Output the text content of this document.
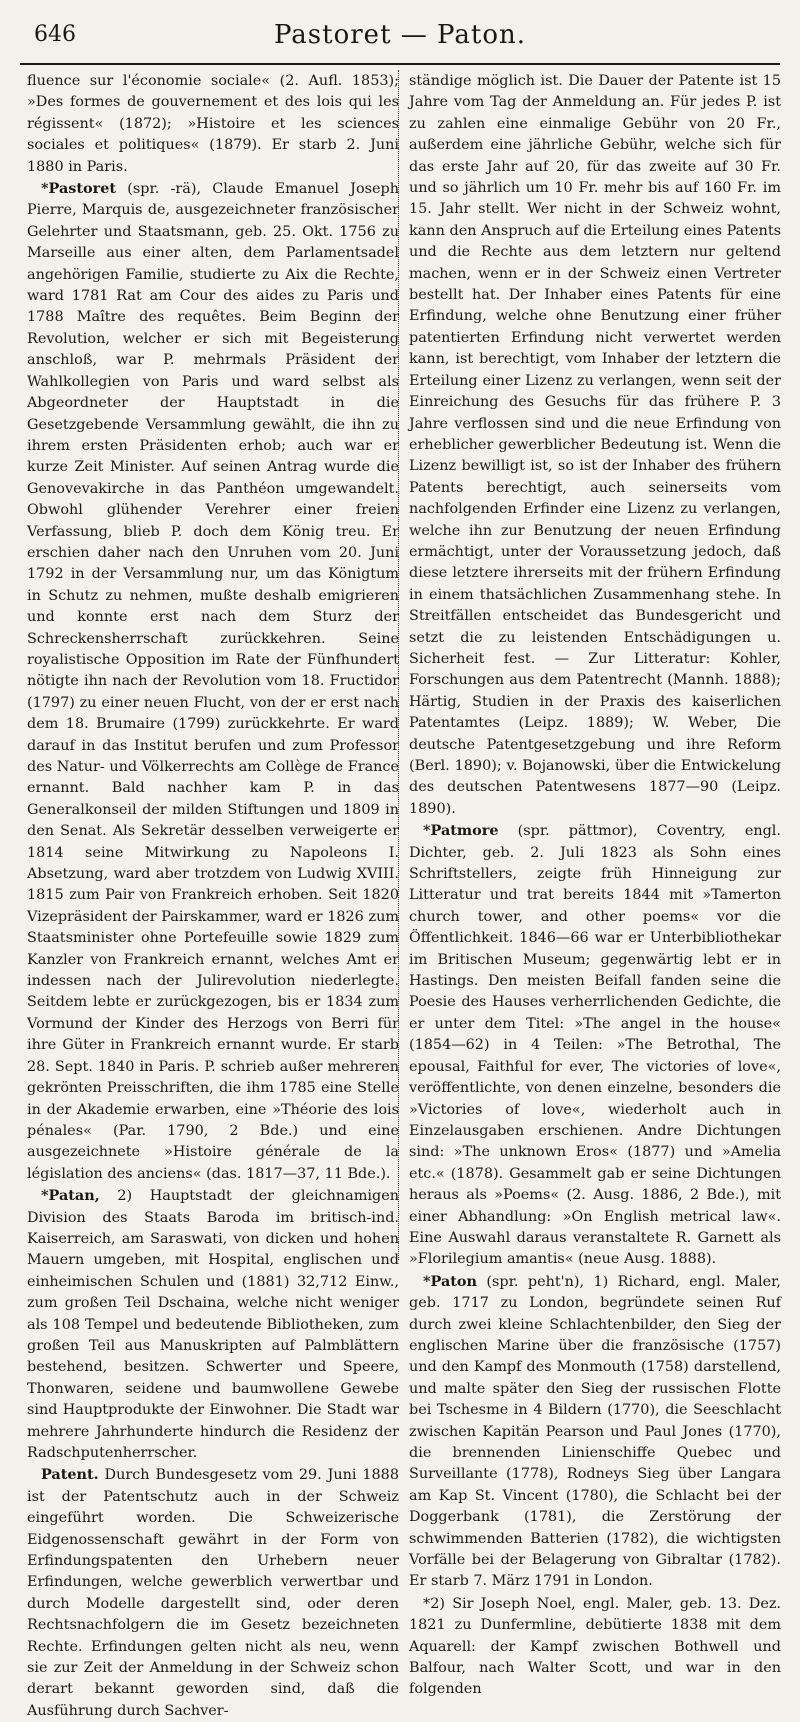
646	Pastoret — Paton.

fluence sur l'économie sociale« (2. Aufl. 1853); »Des formes de gouvernement et des lois qui les régissent« (1872); »Histoire et les sciences sociales et politiques« (1879). Er starb 2. Juni 1880 in Paris.

*Pastoret (spr. -rä), Claude Emanuel Joseph Pierre, Marquis de, ausgezeichneter französischer Gelehrter und Staatsmann, geb. 25. Okt. 1756 zu Marseille aus einer alten, dem Parlamentsadel angehörigen Familie, studierte zu Aix die Rechte, ward 1781 Rat am Cour des aides zu Paris und 1788 Maître des requêtes. Beim Beginn der Revolution, welcher er sich mit Begeisterung anschloß, war P. mehrmals Präsident der Wahlkollegien von Paris und ward selbst als Abgeordneter der Hauptstadt in die Gesetzgebende Versammlung gewählt, die ihn zu ihrem ersten Präsidenten erhob; auch war er kurze Zeit Minister. Auf seinen Antrag wurde die Genovevakirche in das Panthéon umgewandelt. Obwohl glühender Verehrer einer freien Verfassung, blieb P. doch dem König treu. Er erschien daher nach den Unruhen vom 20. Juni 1792 in der Versammlung nur, um das Königtum in Schutz zu nehmen, mußte deshalb emigrieren und konnte erst nach dem Sturz der Schreckensherrschaft zurückkehren. Seine royalistische Opposition im Rate der Fünfhundert nötigte ihn nach der Revolution vom 18. Fructidor (1797) zu einer neuen Flucht, von der er erst nach dem 18. Brumaire (1799) zurückkehrte. Er ward darauf in das Institut berufen und zum Professor des Natur- und Völkerrechts am Collège de France ernannt. Bald nachher kam P. in das Generalkonseil der milden Stiftungen und 1809 in den Senat. Als Sekretär desselben verweigerte er 1814 seine Mitwirkung zu Napoleons I. Absetzung, ward aber trotzdem von Ludwig XVIII. 1815 zum Pair von Frankreich erhoben. Seit 1820 Vizepräsident der Pairskammer, ward er 1826 zum Staatsminister ohne Portefeuille sowie 1829 zum Kanzler von Frankreich ernannt, welches Amt er indessen nach der Julirevolution niederlegte. Seitdem lebte er zurückgezogen, bis er 1834 zum Vormund der Kinder des Herzogs von Berri für ihre Güter in Frankreich ernannt wurde. Er starb 28. Sept. 1840 in Paris. P. schrieb außer mehreren gekrönten Preisschriften, die ihm 1785 eine Stelle in der Akademie erwarben, eine »Théorie des lois pénales« (Par. 1790, 2 Bde.) und eine ausgezeichnete »Histoire générale de la législation des anciens« (das. 1817—37, 11 Bde.).

*Patan, 2) Hauptstadt der gleichnamigen Division des Staats Baroda im britisch-ind. Kaiserreich, am Saraswati, von dicken und hohen Mauern umgeben, mit Hospital, englischen und einheimischen Schulen und (1881) 32,712 Einw., zum großen Teil Dschaina, welche nicht weniger als 108 Tempel und bedeutende Bibliotheken, zum großen Teil aus Manuskripten auf Palmblättern bestehend, besitzen. Schwerter und Speere, Thonwaren, seidene und baumwollene Gewebe sind Hauptprodukte der Einwohner. Die Stadt war mehrere Jahrhunderte hindurch die Residenz der Radschputenherrscher.

Patent. Durch Bundesgesetz vom 29. Juni 1888 ist der Patentschutz auch in der Schweiz eingeführt worden. Die Schweizerische Eidgenossenschaft gewährt in der Form von Erfindungspatenten den Urhebern neuer Erfindungen, welche gewerblich verwertbar und durch Modelle dargestellt sind, oder deren Rechtsnachfolgern die im Gesetz bezeichneten Rechte. Erfindungen gelten nicht als neu, wenn sie zur Zeit der Anmeldung in der Schweiz schon derart bekannt geworden sind, daß die Ausführung durch Sachver-

ständige möglich ist. Die Dauer der Patente ist 15 Jahre vom Tag der Anmeldung an. Für jedes P. ist zu zahlen eine einmalige Gebühr von 20 Fr., außerdem eine jährliche Gebühr, welche sich für das erste Jahr auf 20, für das zweite auf 30 Fr. und so jährlich um 10 Fr. mehr bis auf 160 Fr. im 15. Jahr stellt. Wer nicht in der Schweiz wohnt, kann den Anspruch auf die Erteilung eines Patents und die Rechte aus dem letztern nur geltend machen, wenn er in der Schweiz einen Vertreter bestellt hat. Der Inhaber eines Patents für eine Erfindung, welche ohne Benutzung einer früher patentierten Erfindung nicht verwertet werden kann, ist berechtigt, vom Inhaber der letztern die Erteilung einer Lizenz zu verlangen, wenn seit der Einreichung des Gesuchs für das frühere P. 3 Jahre verflossen sind und die neue Erfindung von erheblicher gewerblicher Bedeutung ist. Wenn die Lizenz bewilligt ist, so ist der Inhaber des frühern Patents berechtigt, auch seinerseits vom nachfolgenden Erfinder eine Lizenz zu verlangen, welche ihn zur Benutzung der neuen Erfindung ermächtigt, unter der Voraussetzung jedoch, daß diese letztere ihrerseits mit der frühern Erfindung in einem thatsächlichen Zusammenhang stehe. In Streitfällen entscheidet das Bundesgericht und setzt die zu leistenden Entschädigungen u. Sicherheit fest. — Zur Litteratur: Kohler, Forschungen aus dem Patentrecht (Mannh. 1888); Härtig, Studien in der Praxis des kaiserlichen Patentamtes (Leipz. 1889); W. Weber, Die deutsche Patentgesetzgebung und ihre Reform (Berl. 1890); v. Bojanowski, über die Entwickelung des deutschen Patentwesens 1877—90 (Leipz. 1890).

*Patmore (spr. pättmor), Coventry, engl. Dichter, geb. 2. Juli 1823 als Sohn eines Schriftstellers, zeigte früh Hinneigung zur Litteratur und trat bereits 1844 mit »Tamerton church tower, and other poems« vor die Öffentlichkeit. 1846—66 war er Unterbibliothekar im Britischen Museum; gegenwärtig lebt er in Hastings. Den meisten Beifall fanden seine die Poesie des Hauses verherrlichenden Gedichte, die er unter dem Titel: »The angel in the house« (1854—62) in 4 Teilen: »The Betrothal, The epousal, Faithful for ever, The victories of love«, veröffentlichte, von denen einzelne, besonders die »Victories of love«, wiederholt auch in Einzelausgaben erschienen. Andre Dichtungen sind: »The unknown Eros« (1877) und »Amelia etc.« (1878). Gesammelt gab er seine Dichtungen heraus als »Poems« (2. Ausg. 1886, 2 Bde.), mit einer Abhandlung: »On English metrical law«. Eine Auswahl daraus veranstaltete R. Garnett als »Florilegium amantis« (neue Ausg. 1888).

*Paton (spr. peht'n), 1) Richard, engl. Maler, geb. 1717 zu London, begründete seinen Ruf durch zwei kleine Schlachtenbilder, den Sieg der englischen Marine über die französische (1757) und den Kampf des Monmouth (1758) darstellend, und malte später den Sieg der russischen Flotte bei Tschesme in 4 Bildern (1770), die Seeschlacht zwischen Kapitän Pearson und Paul Jones (1770), die brennenden Linienschiffe Quebec und Surveillante (1778), Rodneys Sieg über Langara am Kap St. Vincent (1780), die Schlacht bei der Doggerbank (1781), die Zerstörung der schwimmenden Batterien (1782), die wichtigsten Vorfälle bei der Belagerung von Gibraltar (1782). Er starb 7. März 1791 in London.

*2) Sir Joseph Noel, engl. Maler, geb. 13. Dez. 1821 zu Dunfermline, debütierte 1838 mit dem Aquarell: der Kampf zwischen Bothwell und Balfour, nach Walter Scott, und war in den folgenden
